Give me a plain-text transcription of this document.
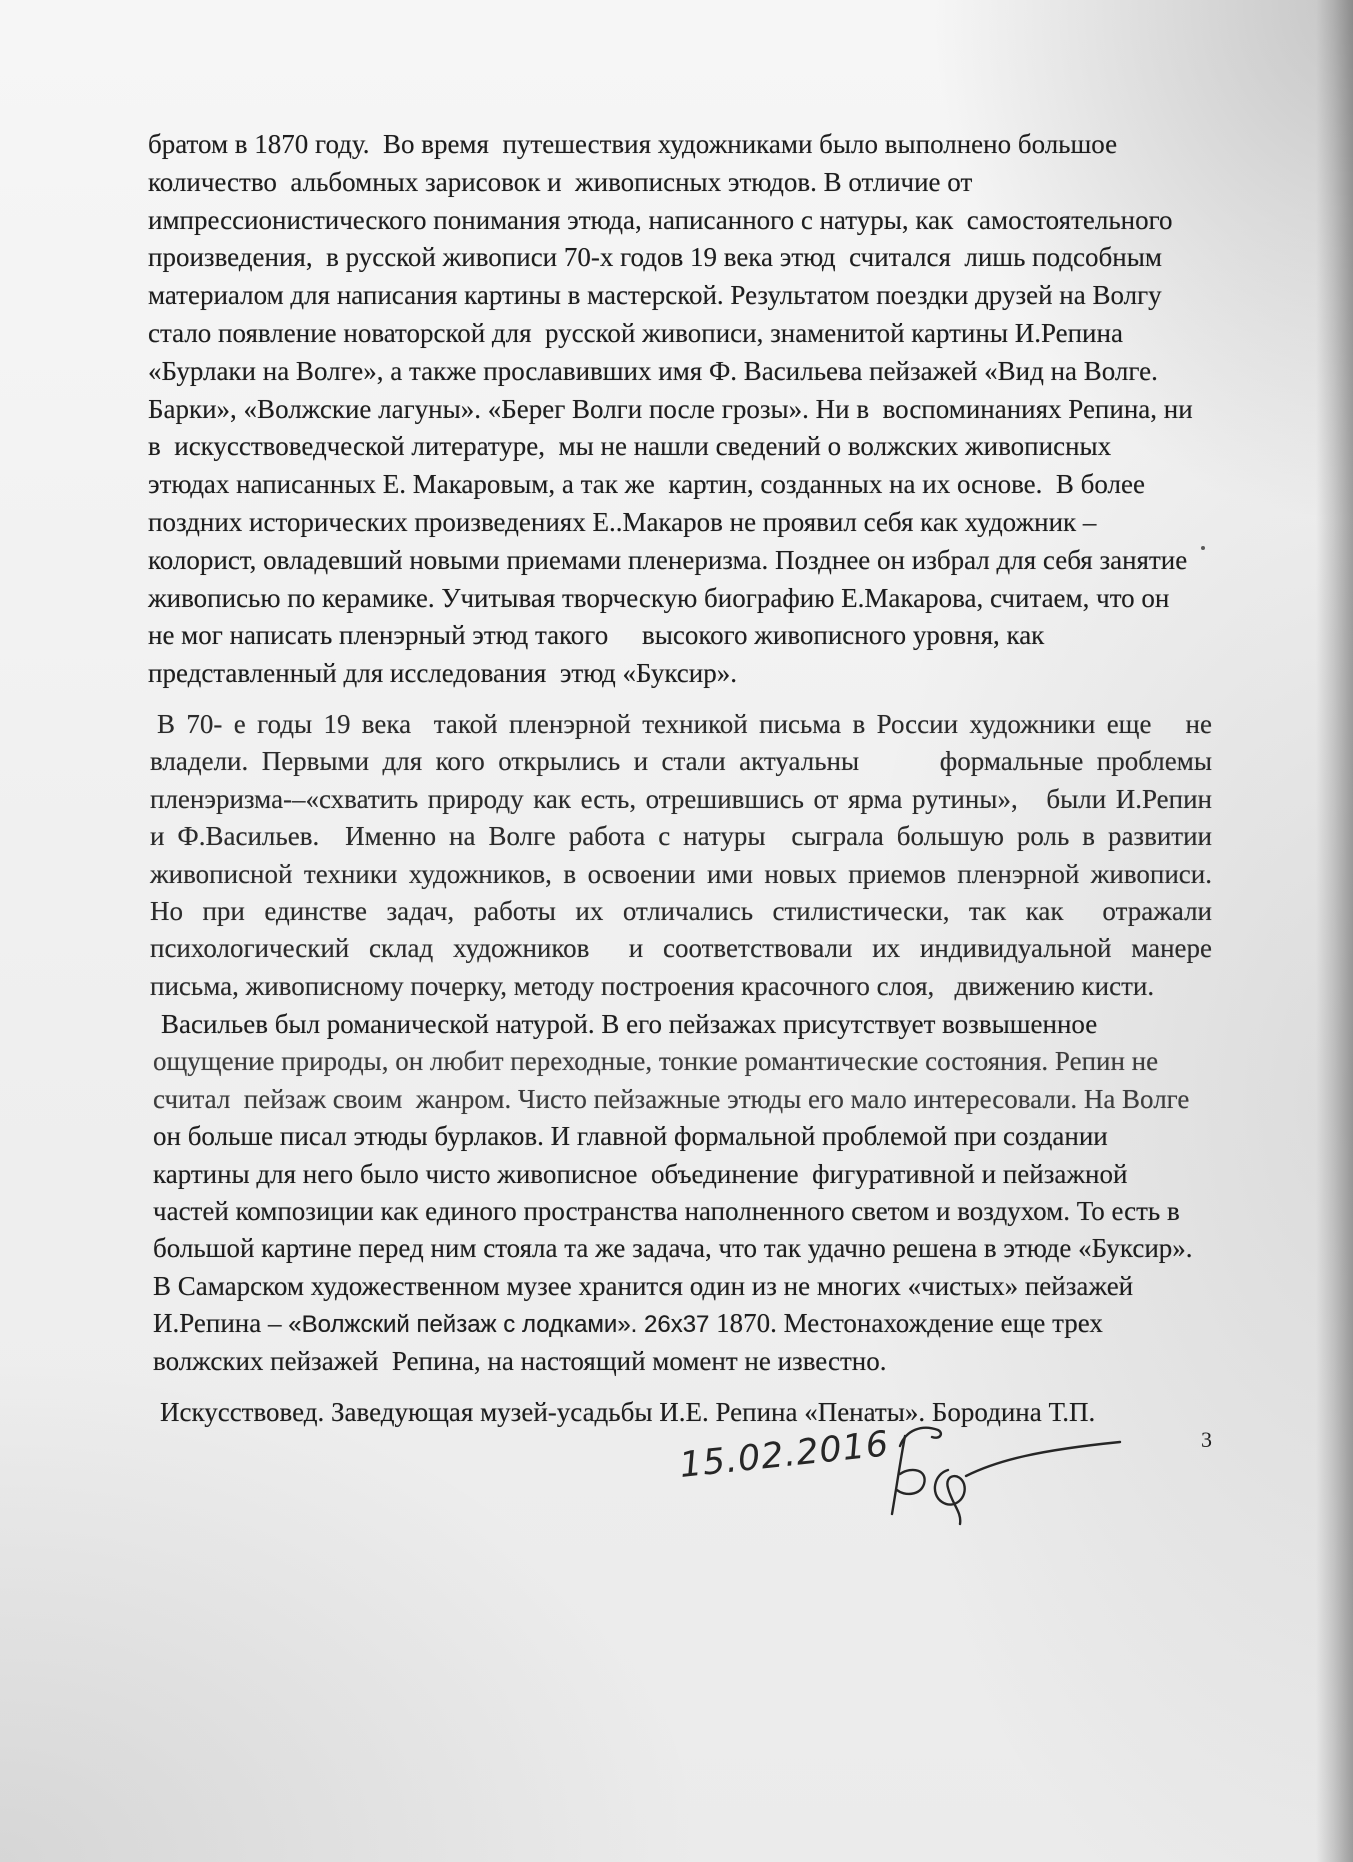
братом в 1870 году.  Во время  путешествия художниками было выполнено большое
количество  альбомных зарисовок и  живописных этюдов. В отличие от
импрессионистического понимания этюда, написанного с натуры, как  самостоятельного
произведения,  в русской живописи 70-х годов 19 века этюд  считался  лишь подсобным
материалом для написания картины в мастерской. Результатом поездки друзей на Волгу
стало появление новаторской для  русской живописи, знаменитой картины И.Репина
«Бурлаки на Волге», а также прославивших имя Ф. Васильева пейзажей «Вид на Волге.
Барки», «Волжские лагуны». «Берег Волги после грозы». Ни в  воспоминаниях Репина, ни
в  искусствоведческой литературе,  мы не нашли сведений о волжских живописных
этюдах написанных Е. Макаровым, а так же  картин, созданных на их основе.  В более
поздних исторических произведениях Е..Макаров не проявил себя как художник –
колорист, овладевший новыми приемами пленеризма. Позднее он избрал для себя занятие
живописью по керамике. Учитывая творческую биографию Е.Макарова, считаем, что он
не мог написать пленэрный этюд такого     высокого живописного уровня, как
представленный для исследования  этюд «Буксир».
В 70- е годы 19 века  такой пленэрной техникой письма в России художники еще   не
владели. Первыми для кого открылись и стали актуальны      формальные проблемы
пленэризма-–«схватить природу как есть, отрешившись от ярма рутины»,   были И.Репин
и Ф.Васильев.  Именно на Волге работа с натуры  сыграла большую роль в развитии
живописной техники художников, в освоении ими новых приемов пленэрной живописи.
Но при единстве задач, работы их отличались стилистически, так как  отражали
психологический склад художников  и соответствовали их индивидуальной манере
письма, живописному почерку, методу построения красочного слоя,   движению кисти.
Васильев был романической натурой. В его пейзажах присутствует возвышенное
ощущение природы, он любит переходные, тонкие романтические состояния. Репин не
считал  пейзаж своим  жанром. Чисто пейзажные этюды его мало интересовали. На Волге
он больше писал этюды бурлаков. И главной формальной проблемой при создании
картины для него было чисто живописное  объединение  фигуративной и пейзажной
частей композиции как единого пространства наполненного светом и воздухом. То есть в
большой картине перед ним стояла та же задача, что так удачно решена в этюде «Буксир».
В Самарском художественном музее хранится один из не многих «чистых» пейзажей
И.Репина – «Волжский пейзаж с лодками». 26х37 1870. Местонахождение еще трех
волжских пейзажей  Репина, на настоящий момент не известно.
Искусствовед. Заведующая музей-усадьбы И.Е. Репина «Пенаты». Бородина Т.П.
3
15.02.2016
